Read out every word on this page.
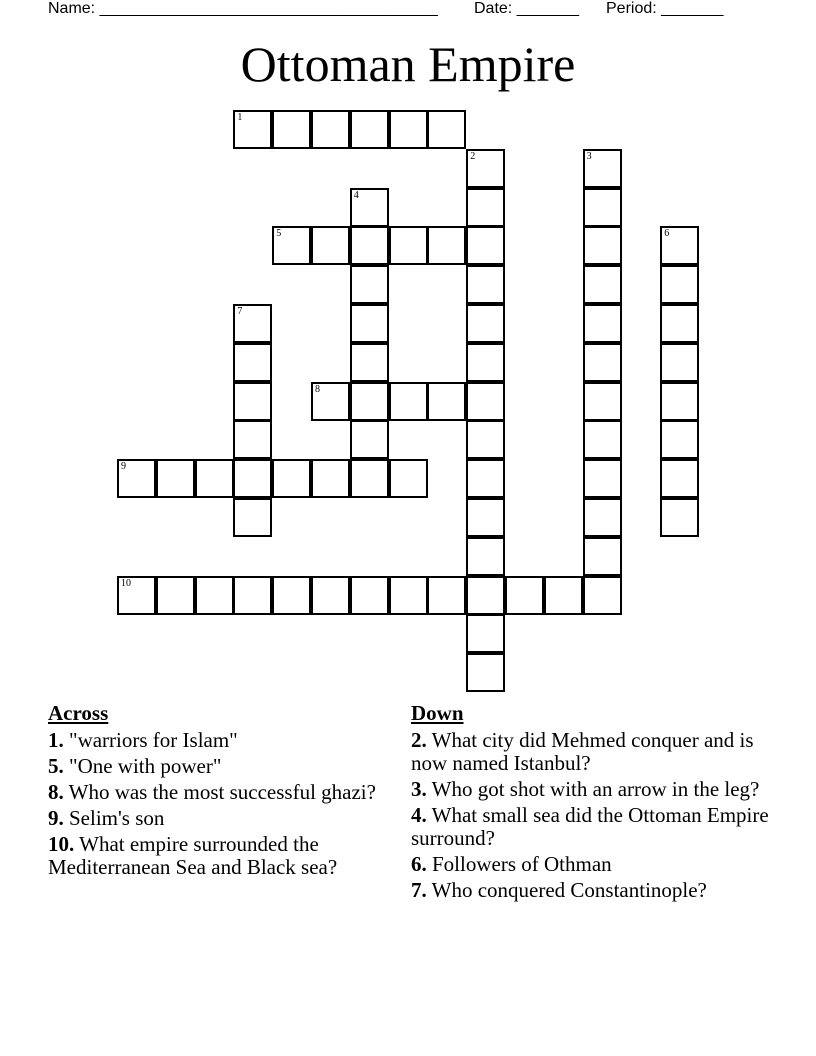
Name: ______________________________________ Date: _______ Period: _______
Ottoman Empire
1
2	3
4
5	6
7
8
9
10
Across
1. "warriors for Islam"
5. "One with power"
8. Who was the most successful ghazi?
9. Selim's son
10. What empire surrounded the Mediterranean Sea and Black sea?
Down
2. What city did Mehmed conquer and is now named Istanbul?
3. Who got shot with an arrow in the leg?
4. What small sea did the Ottoman Empire surround?
6. Followers of Othman
7. Who conquered Constantinople?
